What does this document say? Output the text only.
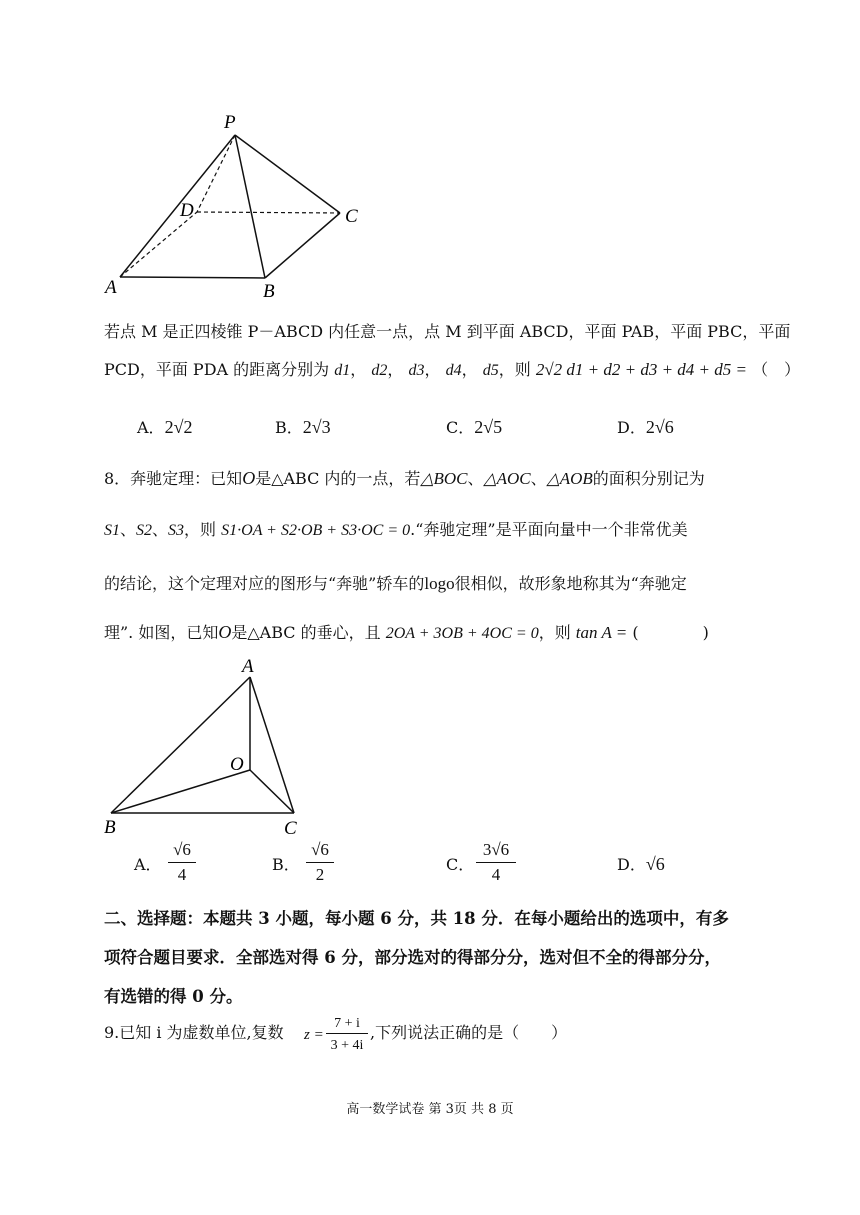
P
D	C
A	B
若点 M 是正四棱锥 P－ABCD 内任意一点，点 M 到平面 ABCD，平面 PAB，平面 PBC，平面
PCD，平面 PDA 的距离分别为 d1， d2， d3， d4， d5，则 2√2 d1 + d2 + d3 + d4 + d5 = （　）
A．2√2	B．2√3	C．2√5	D．2√6
8．奔驰定理：已知O是△ABC 内的一点，若△BOC、△AOC、△AOB的面积分别记为
S1、S2、S3，则 S1·OA + S2·OB + S3·OC = 0.“奔驰定理”是平面向量中一个非常优美
的结论，这个定理对应的图形与“奔驰”轿车的logo很相似，故形象地称其为“奔驰定
理”. 如图，已知O是△ABC 的垂心，且 2OA + 3OB + 4OC = 0，则 tan A = (　　　　)
A
O
B	C
A．
√6
4
B．
√6
2
C．
3√6
4
D．√6
二、选择题：本题共 3 小题，每小题 6 分，共 18 分．在每小题给出的选项中，有多
项符合题目要求．全部选对得 6 分，部分选对的得部分分，选对但不全的得部分分，
有选错的得 0 分。
9.已知 i 为虚数单位,复数 z =
7 + i
3 + 4i
,下列说法正确的是（　　）
高一数学试卷 第 3页 共 8 页
